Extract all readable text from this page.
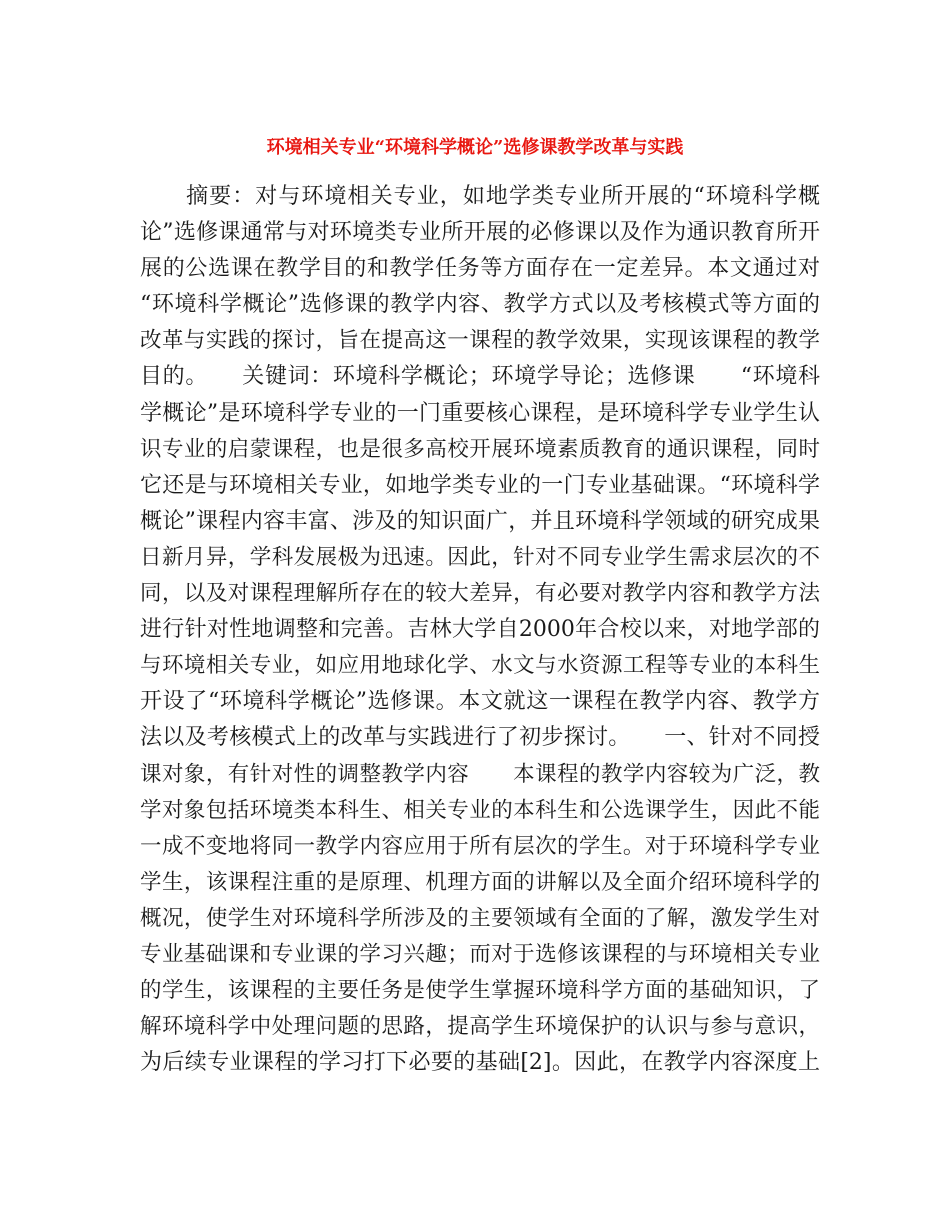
环境相关专业“环境科学概论”选修课教学改革与实践
　　摘要：对与环境相关专业，如地学类专业所开展的“环境科学概
论”选修课通常与对环境类专业所开展的必修课以及作为通识教育所开
展的公选课在教学目的和教学任务等方面存在一定差异。本文通过对
“环境科学概论”选修课的教学内容、教学方式以及考核模式等方面的
改革与实践的探讨，旨在提高这一课程的教学效果，实现该课程的教学
目的。　　关键词：环境科学概论；环境学导论；选修课　　“环境科
学概论”是环境科学专业的一门重要核心课程，是环境科学专业学生认
识专业的启蒙课程，也是很多高校开展环境素质教育的通识课程，同时
它还是与环境相关专业，如地学类专业的一门专业基础课。“环境科学
概论”课程内容丰富、涉及的知识面广，并且环境科学领域的研究成果
日新月异，学科发展极为迅速。因此，针对不同专业学生需求层次的不
同，以及对课程理解所存在的较大差异，有必要对教学内容和教学方法
进行针对性地调整和完善。吉林大学自2000年合校以来，对地学部的
与环境相关专业，如应用地球化学、水文与水资源工程等专业的本科生
开设了“环境科学概论”选修课。本文就这一课程在教学内容、教学方
法以及考核模式上的改革与实践进行了初步探讨。　　一、针对不同授
课对象，有针对性的调整教学内容　　本课程的教学内容较为广泛，教
学对象包括环境类本科生、相关专业的本科生和公选课学生，因此不能
一成不变地将同一教学内容应用于所有层次的学生。对于环境科学专业
学生，该课程注重的是原理、机理方面的讲解以及全面介绍环境科学的
概况，使学生对环境科学所涉及的主要领域有全面的了解，激发学生对
专业基础课和专业课的学习兴趣；而对于选修该课程的与环境相关专业
的学生，该课程的主要任务是使学生掌握环境科学方面的基础知识，了
解环境科学中处理问题的思路，提高学生环境保护的认识与参与意识，
为后续专业课程的学习打下必要的基础[2]。因此，在教学内容深度上
